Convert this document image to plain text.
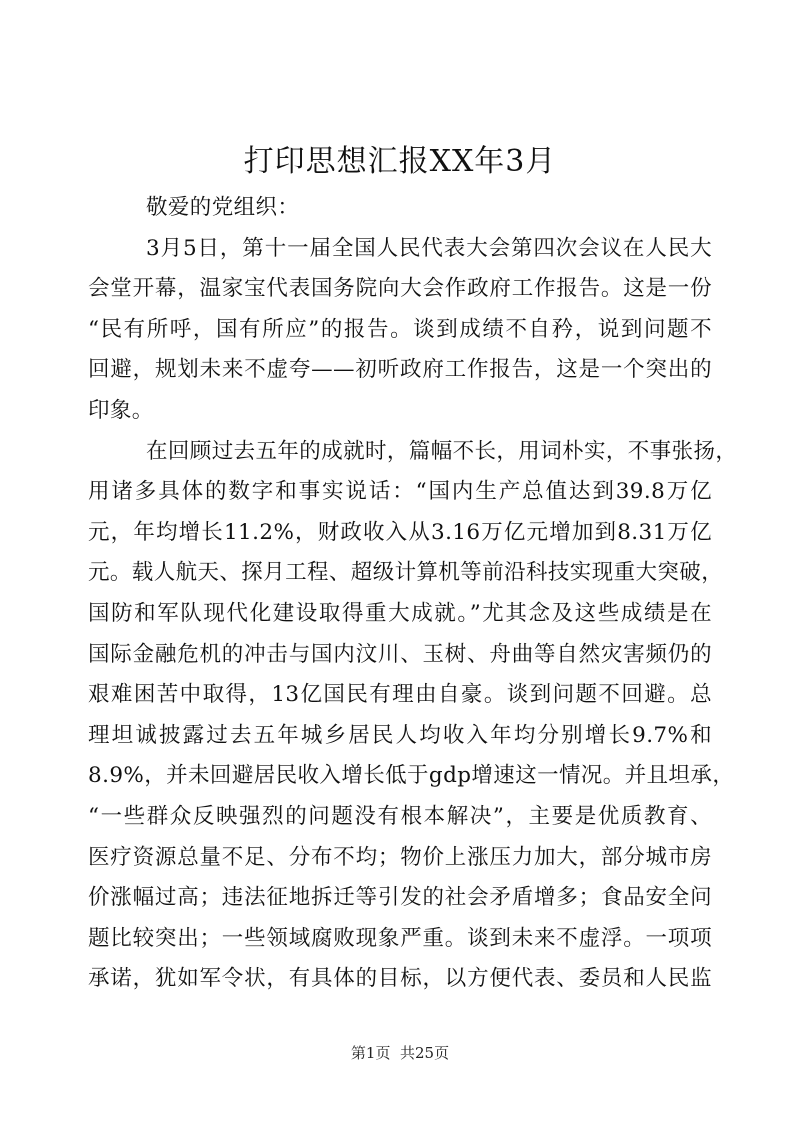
打印思想汇报XX年3月
敬爱的党组织：
3月5日，第十一届全国人民代表大会第四次会议在人民大
会堂开幕，温家宝代表国务院向大会作政府工作报告。这是一份
“民有所呼，国有所应”的报告。谈到成绩不自矜，说到问题不
回避，规划未来不虚夸——初听政府工作报告，这是一个突出的
印象。
在回顾过去五年的成就时，篇幅不长，用词朴实，不事张扬，
用诸多具体的数字和事实说话：“国内生产总值达到39.8万亿
元，年均增长11.2%，财政收入从3.16万亿元增加到8.31万亿
元。载人航天、探月工程、超级计算机等前沿科技实现重大突破，
国防和军队现代化建设取得重大成就。”尤其念及这些成绩是在
国际金融危机的冲击与国内汶川、玉树、舟曲等自然灾害频仍的
艰难困苦中取得，13亿国民有理由自豪。谈到问题不回避。总
理坦诚披露过去五年城乡居民人均收入年均分别增长9.7%和
8.9%，并未回避居民收入增长低于gdp增速这一情况。并且坦承，
“一些群众反映强烈的问题没有根本解决”，主要是优质教育、
医疗资源总量不足、分布不均；物价上涨压力加大，部分城市房
价涨幅过高；违法征地拆迁等引发的社会矛盾增多；食品安全问
题比较突出；一些领域腐败现象严重。谈到未来不虚浮。一项项
承诺，犹如军令状，有具体的目标，以方便代表、委员和人民监
第1页 共25页
